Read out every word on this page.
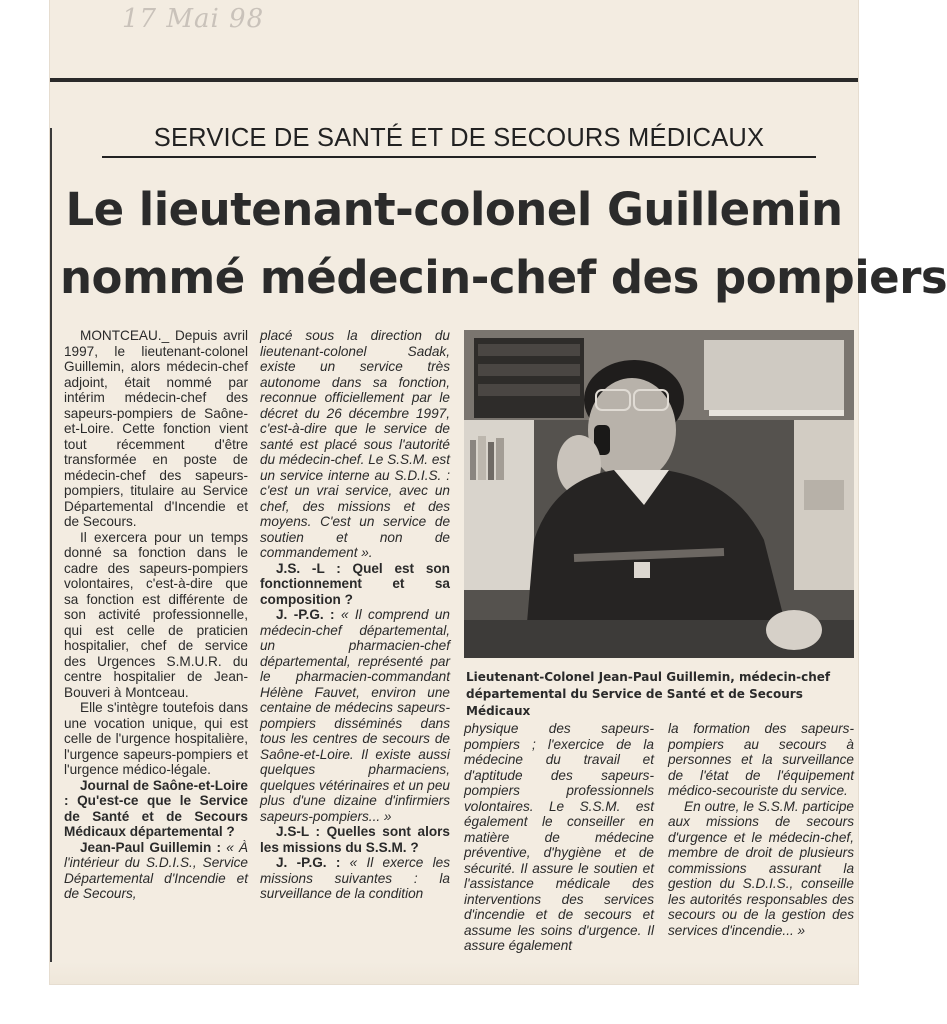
17 Mai 98
SERVICE DE SANTÉ ET DE SECOURS MÉDICAUX
Le lieutenant-colonel Guillemin
nommé médecin-chef des pompiers

MONTCEAU._ Depuis avril 1997, le lieutenant-colonel Guillemin, alors médecin-chef adjoint, était nommé par intérim médecin-chef des sapeurs-pompiers de Saône-et-Loire. Cette fonction vient tout récemment d'être transformée en poste de médecin-chef des sapeurs-pompiers, titulaire au Service Départemental d'Incendie et de Secours.

Il exercera pour un temps donné sa fonction dans le cadre des sapeurs-pompiers volontaires, c'est-à-dire que sa fonction est différente de son activité professionnelle, qui est celle de praticien hospitalier, chef de service des Urgences S.M.U.R. du centre hospitalier de Jean-Bouveri à Montceau.

Elle s'intègre toutefois dans une vocation unique, qui est celle de l'urgence hospitalière, l'urgence sapeurs-pompiers et l'urgence médico-légale.

Journal de Saône-et-Loire : Qu'est-ce que le Service de Santé et de Secours Médicaux départemental ?

Jean-Paul Guillemin : « À l'intérieur du S.D.I.S., Service Départemental d'Incendie et de Secours,

placé sous la direction du lieutenant-colonel Sadak, existe un service très autonome dans sa fonction, reconnue officiellement par le décret du 26 décembre 1997, c'est-à-dire que le service de santé est placé sous l'autorité du médecin-chef. Le S.S.M. est un service interne au S.D.I.S. : c'est un vrai service, avec un chef, des missions et des moyens. C'est un service de soutien et non de commandement ».

J.S. -L : Quel est son fonctionnement et sa composition ?

J. -P.G. : « Il comprend un médecin-chef départemental, un pharmacien-chef départemental, représenté par le pharmacien-commandant Hélène Fauvet, environ une centaine de médecins sapeurs-pompiers disséminés dans tous les centres de secours de Saône-et-Loire. Il existe aussi quelques pharmaciens, quelques vétérinaires et un peu plus d'une dizaine d'infirmiers sapeurs-pompiers... »

J.S-L : Quelles sont alors les missions du S.S.M. ?

J. -P.G. : « Il exerce les missions suivantes : la surveillance de la condition

Lieutenant-Colonel Jean-Paul Guillemin, médecin-chef départemental du Service de Santé et de Secours Médicaux

physique des sapeurs-pompiers ; l'exercice de la médecine du travail et d'aptitude des sapeurs-pompiers professionnels volontaires. Le S.S.M. est également le conseiller en matière de médecine préventive, d'hygiène et de sécurité. Il assure le soutien et l'assistance médicale des interventions des services d'incendie et de secours et assume les soins d'urgence. Il assure également

la formation des sapeurs-pompiers au secours à personnes et la surveillance de l'état de l'équipement médico-secouriste du service.

En outre, le S.S.M. participe aux missions de secours d'urgence et le médecin-chef, membre de droit de plusieurs commissions assurant la gestion du S.D.I.S., conseille les autorités responsables des secours ou de la gestion des services d'incendie... »
